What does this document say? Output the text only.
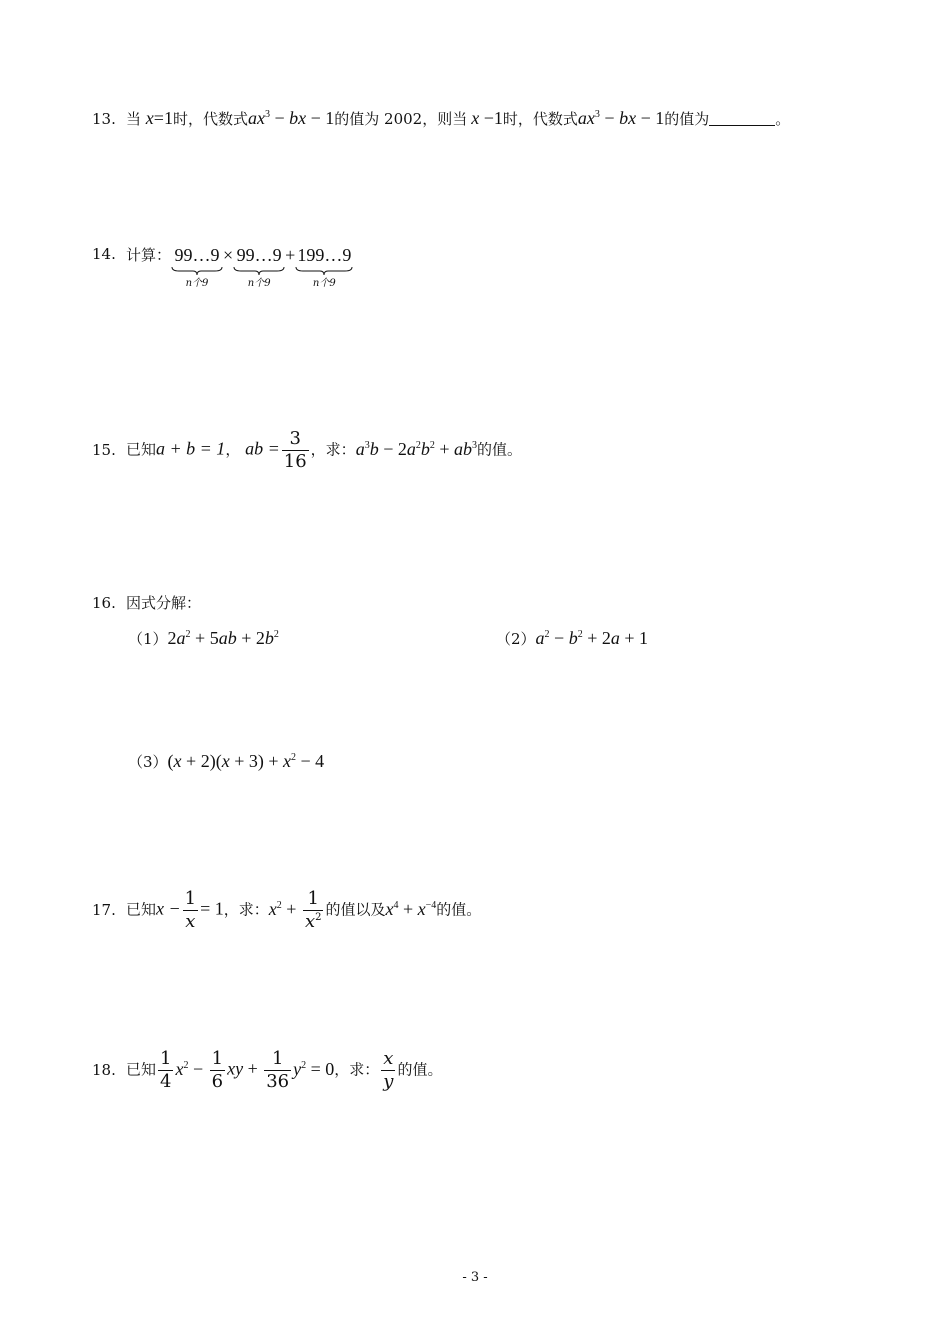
13. 当 x=1时，代数式$ax^3$ − bx − 1的值为 2002，则当 x −1时，代数式$ax^3$ − bx − 1的值为	。
14. 计算： 99…9
n个9
× 99…9
n个9
+ 199…9
n个9
15. 已知a + b = 1， ab = $\frac{3}{16}$ ，求：$a^3b - 2a^2b^2 + ab^3$的值。
16. 因式分解：
$(1)2a^2 + 5ab + 2b^2$	$(2)a^2 - b^2 + 2a + 1$
$(3)(x + 2)(x + 3) + x^2 - 4$
17. 已知$x - \frac{1}{x} = 1$，求：$x^2 + \frac{1}{x^2}$ 的值以及$x^4 + x^{-4}$的值。
18. 已知 $\frac{1}{4} x^2 - \frac{1}{6}$ xy + $\frac{1}{36} y^2 = 0$，求： $\frac{x}{y}$ 的值。
- 3 -
